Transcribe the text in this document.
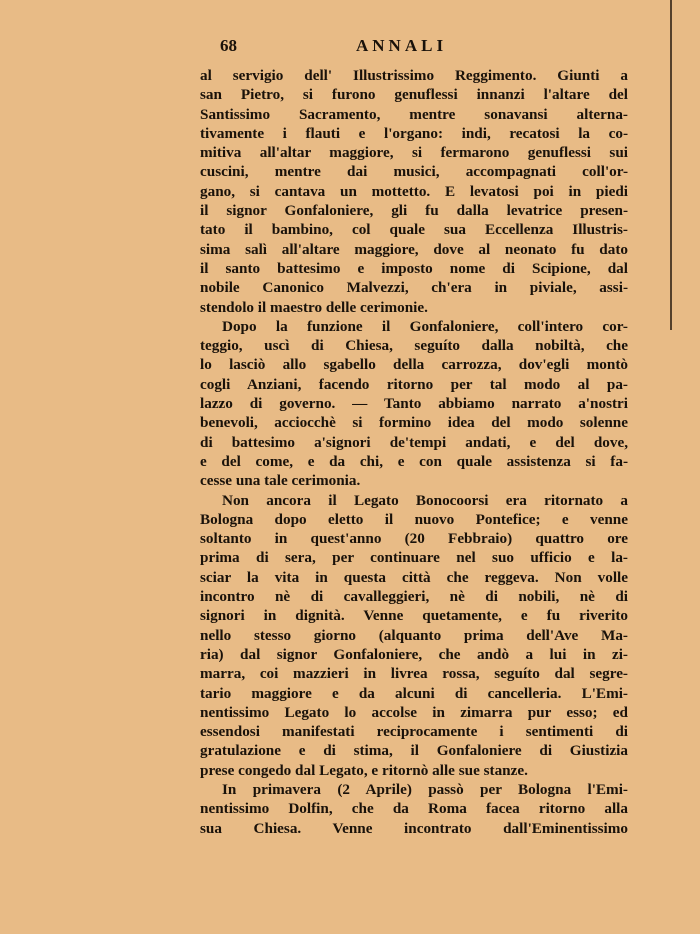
68	ANNALI
al servigio dell' Illustrissimo Reggimento. Giunti a
san Pietro, si furono genuflessi innanzi l'altare del
Santissimo Sacramento, mentre sonavansi alterna-
tivamente i flauti e l'organo: indi, recatosi la co-
mitiva all'altar maggiore, si fermarono genuflessi sui
cuscini, mentre dai musici, accompagnati coll'or-
gano, si cantava un mottetto. E levatosi poi in piedi
il signor Gonfaloniere, gli fu dalla levatrice presen-
tato il bambino, col quale sua Eccellenza Illustris-
sima salì all'altare maggiore, dove al neonato fu dato
il santo battesimo e imposto nome di Scipione, dal
nobile Canonico Malvezzi, ch'era in piviale, assi-
stendolo il maestro delle cerimonie.
Dopo la funzione il Gonfaloniere, coll'intero cor-
teggio, uscì di Chiesa, seguíto dalla nobiltà, che
lo lasciò allo sgabello della carrozza, dov'egli montò
cogli Anziani, facendo ritorno per tal modo al pa-
lazzo di governo. — Tanto abbiamo narrato a'nostri
benevoli, acciocchè si formino idea del modo solenne
di battesimo a'signori de'tempi andati, e del dove,
e del come, e da chi, e con quale assistenza si fa-
cesse una tale cerimonia.
Non ancora il Legato Bonocoorsi era ritornato a
Bologna dopo eletto il nuovo Pontefice; e venne
soltanto in quest'anno (20 Febbraio) quattro ore
prima di sera, per continuare nel suo ufficio e la-
sciar la vita in questa città che reggeva. Non volle
incontro nè di cavalleggieri, nè di nobili, nè di
signori in dignità. Venne quetamente, e fu riverito
nello stesso giorno (alquanto prima dell'Ave Ma-
ria) dal signor Gonfaloniere, che andò a lui in zi-
marra, coi mazzieri in livrea rossa, seguíto dal segre-
tario maggiore e da alcuni di cancelleria. L'Emi-
nentissimo Legato lo accolse in zimarra pur esso; ed
essendosi manifestati reciprocamente i sentimenti di
gratulazione e di stima, il Gonfaloniere di Giustizia
prese congedo dal Legato, e ritornò alle sue stanze.
In primavera (2 Aprile) passò per Bologna l'Emi-
nentissimo Dolfin, che da Roma facea ritorno alla
sua Chiesa. Venne incontrato dall'Eminentissimo
